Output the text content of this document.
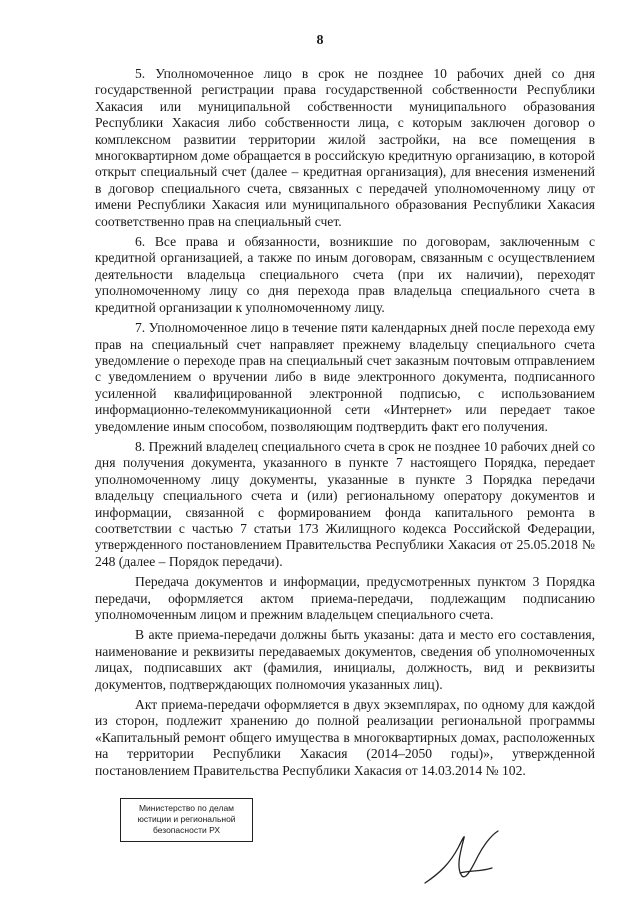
8

5. Уполномоченное лицо в срок не позднее 10 рабочих дней со дня государственной регистрации права государственной собственности Республики Хакасия или муниципальной собственности муниципального образования Республики Хакасия либо собственности лица, с которым заключен договор о комплексном развитии территории жилой застройки, на все помещения в многоквартирном доме обращается в российскую кредитную организацию, в которой открыт специальный счет (далее – кредитная организация), для внесения изменений в договор специального счета, связанных с передачей уполномоченному лицу от имени Республики Хакасия или муниципального образования Республики Хакасия соответственно прав на специальный счет.

6. Все права и обязанности, возникшие по договорам, заключенным с кредитной организацией, а также по иным договорам, связанным с осуществлением деятельности владельца специального счета (при их наличии), переходят уполномоченному лицу со дня перехода прав владельца специального счета в кредитной организации к уполномоченному лицу.

7. Уполномоченное лицо в течение пяти календарных дней после перехода ему прав на специальный счет направляет прежнему владельцу специального счета уведомление о переходе прав на специальный счет заказным почтовым отправлением с уведомлением о вручении либо в виде электронного документа, подписанного усиленной квалифицированной электронной подписью, с использованием информационно-телекоммуникационной сети «Интернет» или передает такое уведомление иным способом, позволяющим подтвердить факт его получения.

8. Прежний владелец специального счета в срок не позднее 10 рабочих дней со дня получения документа, указанного в пункте 7 настоящего Порядка, передает уполномоченному лицу документы, указанные в пункте 3 Порядка передачи владельцу специального счета и (или) региональному оператору документов и информации, связанной с формированием фонда капитального ремонта в соответствии с частью 7 статьи 173 Жилищного кодекса Российской Федерации, утвержденного постановлением Правительства Республики Хакасия от 25.05.2018 № 248 (далее – Порядок передачи).

Передача документов и информации, предусмотренных пунктом 3 Порядка передачи, оформляется актом приема-передачи, подлежащим подписанию уполномоченным лицом и прежним владельцем специального счета.

В акте приема-передачи должны быть указаны: дата и место его составления, наименование и реквизиты передаваемых документов, сведения об уполномоченных лицах, подписавших акт (фамилия, инициалы, должность, вид и реквизиты документов, подтверждающих полномочия указанных лиц).

Акт приема-передачи оформляется в двух экземплярах, по одному для каждой из сторон, подлежит хранению до полной реализации региональной программы «Капитальный ремонт общего имущества в многоквартирных домах, расположенных на территории Республики Хакасия (2014–2050 годы)», утвержденной постановлением Правительства Республики Хакасия от 14.03.2014 № 102.

Министерство по делам
юстиции и региональной
безопасности РХ
